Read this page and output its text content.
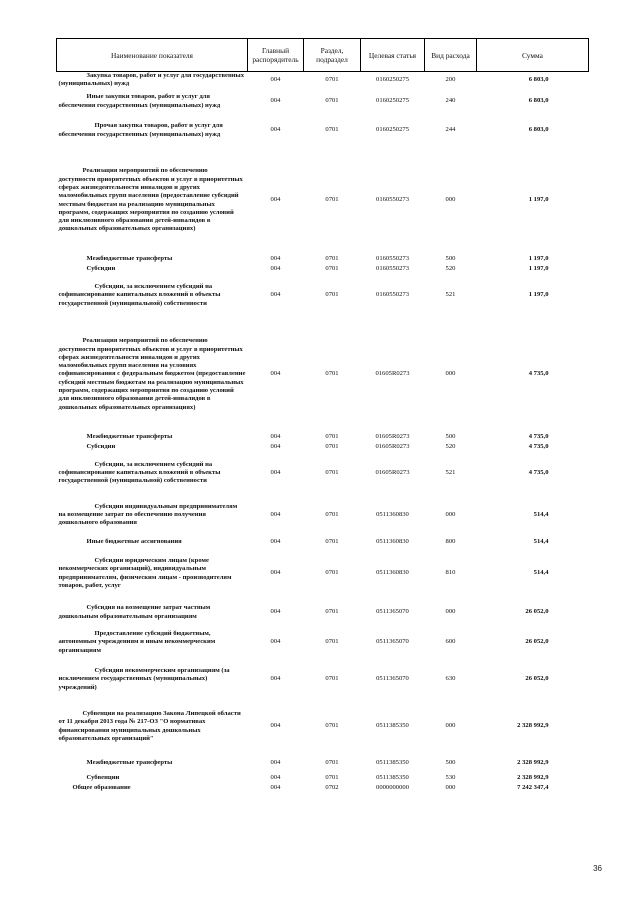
Наименование показателя	Главный распорядитель	Раздел, подраздел	Целевая статья	Вид расхода	Сумма
Закупка товаров, работ и услуг для государственных (муниципальных) нужд	004	0701	0160250275	200	6 803,0
Иные закупки товаров, работ и услуг для обеспечения государственных (муниципальных) нужд	004	0701	0160250275	240	6 803,0
Прочая закупка товаров, работ и услуг для обеспечения государственных (муниципальных) нужд	004	0701	0160250275	244	6 803,0
Реализация мероприятий по обеспечению доступности приоритетных объектов и услуг в приоритетных сферах жизнедеятельности инвалидов и других маломобильных групп населения (предоставление субсидий местным бюджетам на реализацию муниципальных программ, содержащих мероприятия по созданию условий для инклюзивного образования детей-инвалидов в дошкольных образовательных организациях)	004	0701	0160550273	000	1 197,0
Межбюджетные трансферты	004	0701	0160550273	500	1 197,0
Субсидии	004	0701	0160550273	520	1 197,0
Субсидии, за исключением субсидий на софинансирование капитальных вложений в объекты государственной (муниципальной) собственности	004	0701	0160550273	521	1 197,0
Реализация мероприятий по обеспечению доступности приоритетных объектов и услуг в приоритетных сферах жизнедеятельности инвалидов и других маломобильных групп населения на условиях софинансирования с федеральным бюджетом (предоставление субсидий местным бюджетам на реализацию муниципальных программ, содержащих мероприятия по созданию условий для инклюзивного образования детей-инвалидов в дошкольных образовательных организациях)	004	0701	01605R0273	000	4 735,0
Межбюджетные трансферты	004	0701	01605R0273	500	4 735,0
Субсидии	004	0701	01605R0273	520	4 735,0
Субсидии, за исключением субсидий на софинансирование капитальных вложений в объекты государственной (муниципальной) собственности	004	0701	01605R0273	521	4 735,0
Субсидии индивидуальным предпринимателям на возмещение затрат по обеспечению получения дошкольного образования	004	0701	0511360830	000	514,4
Иные бюджетные ассигнования	004	0701	0511360830	800	514,4
Субсидии юридическим лицам (кроме некоммерческих организаций), индивидуальным предпринимателям, физическим лицам - производителям товаров, работ, услуг	004	0701	0511360830	810	514,4
Субсидия на возмещение затрат частным дошкольным образовательным организациям	004	0701	0511365070	000	26 052,0
Предоставление субсидий бюджетным, автономным учреждениям и иным некоммерческим организациям	004	0701	0511365070	600	26 052,0
Субсидии некоммерческим организациям (за исключением государственных (муниципальных) учреждений)	004	0701	0511365070	630	26 052,0
Субвенция на реализацию Закона Липецкой области от 11 декабря 2013 года № 217-ОЗ "О нормативах финансирования муниципальных дошкольных образовательных организаций"	004	0701	0511385350	000	2 328 992,9
Межбюджетные трансферты	004	0701	0511385350	500	2 328 992,9
Субвенции	004	0701	0511385350	530	2 328 992,9
Общее образование	004	0702	0000000000	000	7 242 347,4
36
